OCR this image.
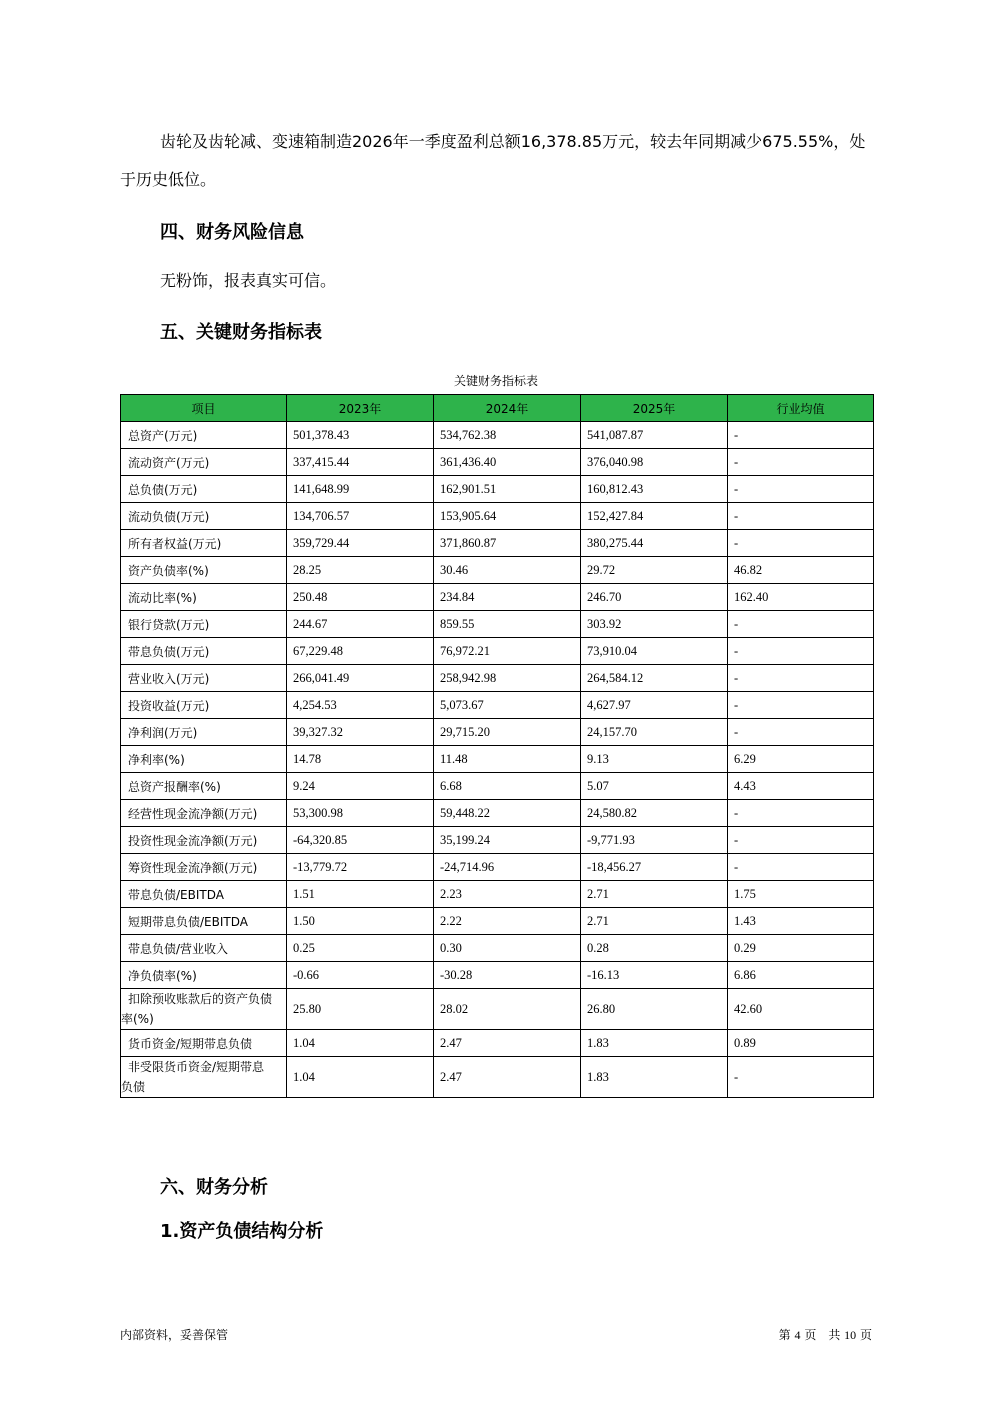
齿轮及齿轮减、变速箱制造2026年一季度盈利总额16,378.85万元，较去年同期减少675.55%，处于历史低位。

四、财务风险信息

无粉饰，报表真实可信。

五、关键财务指标表
关键财务指标表
项目	2023年	2024年	2025年	行业均值
总资产(万元)	501,378.43	534,762.38	541,087.87	-
流动资产(万元)	337,415.44	361,436.40	376,040.98	-
总负债(万元)	141,648.99	162,901.51	160,812.43	-
流动负债(万元)	134,706.57	153,905.64	152,427.84	-
所有者权益(万元)	359,729.44	371,860.87	380,275.44	-
资产负债率(%)	28.25	30.46	29.72	46.82
流动比率(%)	250.48	234.84	246.70	162.40
银行贷款(万元)	244.67	859.55	303.92	-
带息负债(万元)	67,229.48	76,972.21	73,910.04	-
营业收入(万元)	266,041.49	258,942.98	264,584.12	-
投资收益(万元)	4,254.53	5,073.67	4,627.97	-
净利润(万元)	39,327.32	29,715.20	24,157.70	-
净利率(%)	14.78	11.48	9.13	6.29
总资产报酬率(%)	9.24	6.68	5.07	4.43
经营性现金流净额(万元)	53,300.98	59,448.22	24,580.82	-
投资性现金流净额(万元)	-64,320.85	35,199.24	-9,771.93	-
筹资性现金流净额(万元)	-13,779.72	-24,714.96	-18,456.27	-
带息负债/EBITDA	1.51	2.23	2.71	1.75
短期带息负债/EBITDA	1.50	2.22	2.71	1.43
带息负债/营业收入	0.25	0.30	0.28	0.29
净负债率(%)	-0.66	-30.28	-16.13	6.86
扣除预收账款后的资产负债
率(%)	25.80	28.02	26.80	42.60
货币资金/短期带息负债	1.04	2.47	1.83	0.89
非受限货币资金/短期带息
负债	1.04	2.47	1.83	-
六、财务分析
1.资产负债结构分析
内部资料，妥善保管	第 4 页　共 10 页
